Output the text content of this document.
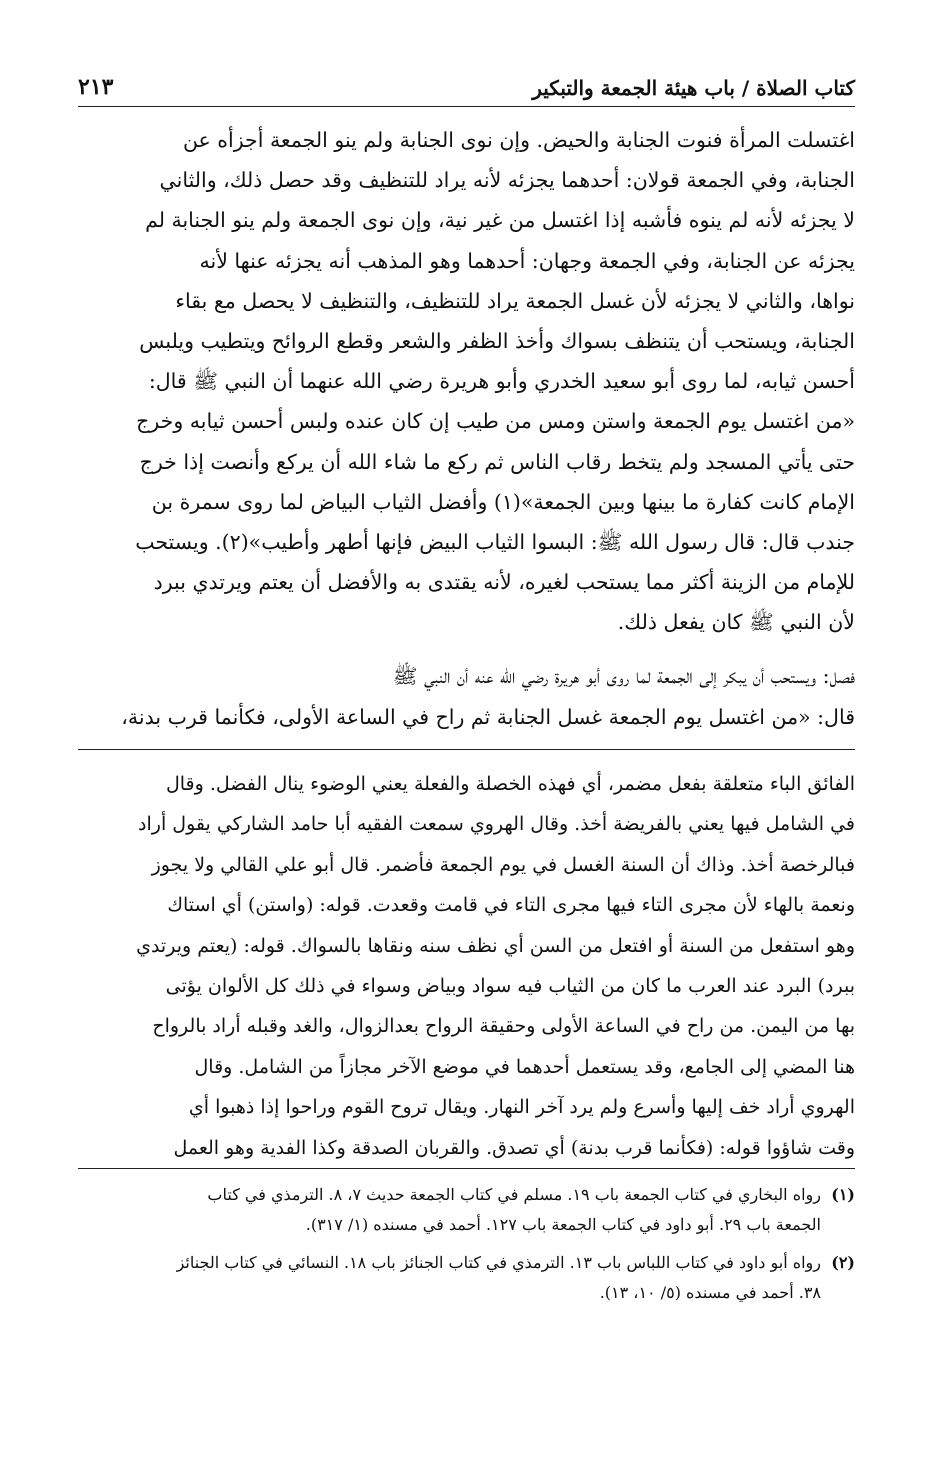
٢١٣	كتاب الصلاة / باب هيئة الجمعة والتبكير
اغتسلت المرأة فنوت الجنابة والحيض. وإن نوى الجنابة ولم ينو الجمعة أجزأه عن
الجنابة، وفي الجمعة قولان: أحدهما يجزئه لأنه يراد للتنظيف وقد حصل ذلك، والثاني
لا يجزئه لأنه لم ينوه فأشبه إذا اغتسل من غير نية، وإن نوى الجمعة ولم ينو الجنابة لم
يجزئه عن الجنابة، وفي الجمعة وجهان: أحدهما وهو المذهب أنه يجزئه عنها لأنه
نواها، والثاني لا يجزئه لأن غسل الجمعة يراد للتنظيف، والتنظيف لا يحصل مع بقاء
الجنابة، ويستحب أن يتنظف بسواك وأخذ الظفر والشعر وقطع الروائح ويتطيب ويلبس
أحسن ثيابه، لما روى أبو سعيد الخدري وأبو هريرة رضي الله عنهما أن النبي ﷺ قال:
«من اغتسل يوم الجمعة واستن ومس من طيب إن كان عنده ولبس أحسن ثيابه وخرج
حتى يأتي المسجد ولم يتخط رقاب الناس ثم ركع ما شاء الله أن يركع وأنصت إذا خرج
الإمام كانت كفارة ما بينها وبين الجمعة»(١) وأفضل الثياب البياض لما روى سمرة بن
جندب قال: قال رسول الله ﷺ: البسوا الثياب البيض فإنها أطهر وأطيب»(٢). ويستحب
للإمام من الزينة أكثر مما يستحب لغيره، لأنه يقتدى به والأفضل أن يعتم ويرتدي ببرد
لأن النبي ﷺ كان يفعل ذلك.
فصل: ويستحب أن يبكر إلى الجمعة لما روى أبو هريرة رضي الله عنه أن النبي ﷺ
قال: «من اغتسل يوم الجمعة غسل الجنابة ثم راح في الساعة الأولى، فكأنما قرب بدنة،
الفائق الباء متعلقة بفعل مضمر، أي فهذه الخصلة والفعلة يعني الوضوء ينال الفضل. وقال
في الشامل فيها يعني بالفريضة أخذ. وقال الهروي سمعت الفقيه أبا حامد الشاركي يقول أراد
فبالرخصة أخذ. وذاك أن السنة الغسل في يوم الجمعة فأضمر. قال أبو علي القالي ولا يجوز
ونعمة بالهاء لأن مجرى التاء فيها مجرى التاء في قامت وقعدت. قوله: (واستن) أي استاك
وهو استفعل من السنة أو افتعل من السن أي نظف سنه ونقاها بالسواك. قوله: (يعتم ويرتدي
ببرد) البرد عند العرب ما كان من الثياب فيه سواد وبياض وسواء في ذلك كل الألوان يؤتى
بها من اليمن. من راح في الساعة الأولى وحقيقة الرواح بعدالزوال، والغد وقبله أراد بالرواح
هنا المضي إلى الجامع، وقد يستعمل أحدهما في موضع الآخر مجازاً من الشامل. وقال
الهروي أراد خف إليها وأسرع ولم يرد آخر النهار. ويقال تروح القوم وراحوا إذا ذهبوا أي
وقت شاؤوا قوله: (فكأنما قرب بدنة) أي تصدق. والقربان الصدقة وكذا الفدية وهو العمل
(١)
رواه البخاري في كتاب الجمعة باب ١٩. مسلم في كتاب الجمعة حديث ٧، ٨. الترمذي في كتاب
الجمعة باب ٢٩. أبو داود في كتاب الجمعة باب ١٢٧. أحمد في مسنده (١/ ٣١٧).
(٢)
رواه أبو داود في كتاب اللباس باب ١٣. الترمذي في كتاب الجنائز باب ١٨. النسائي في كتاب الجنائز
٣٨. أحمد في مسنده (٥/ ١٠، ١٣).
